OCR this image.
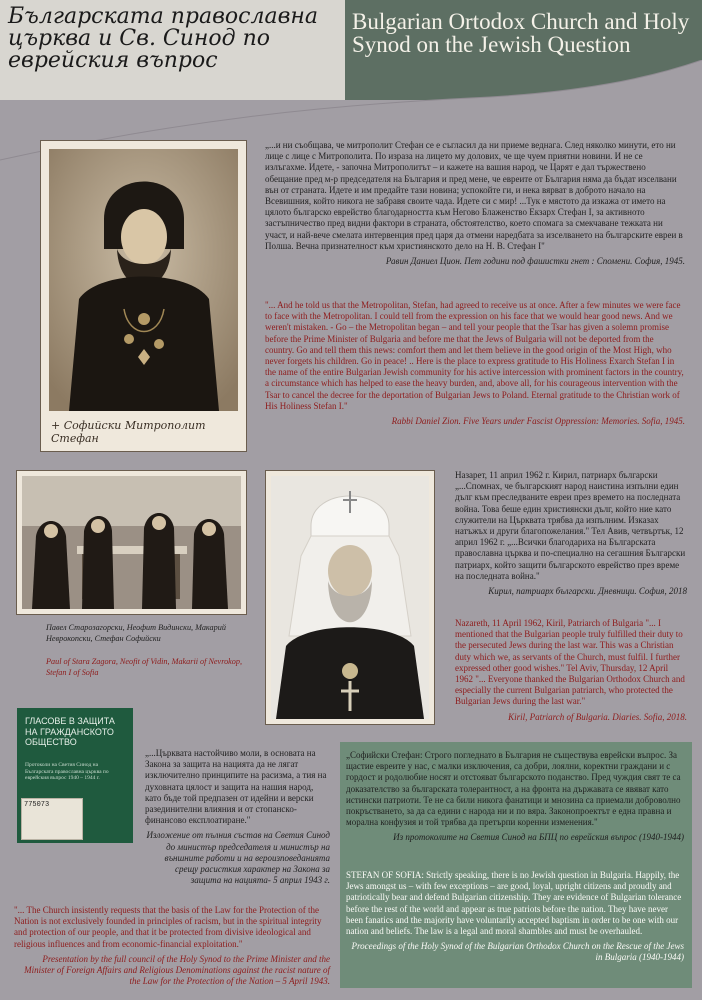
Българската православна църква и Св. Синод по еврейския въпрос
Bulgarian Ortodox Church and Holy Synod on the Jewish Question
+ Софийски Митрополит Стефан

„...и ни съобщава, че митрополит Стефан се е съгласил да ни приеме веднага. След няколко минути, ето ни лице с лице с Митрополита. По израза на лицето му долових, че ще чуем приятни новини. И не се излъгахме. Идете, - започна Митрополитът – и кажете на вашия народ, че Царят е дал тържествено обещание пред м-р председателя на България и пред мене, че евреите от България няма да бъдат изселвани вън от страната. Идете и им предайте тази новина; успокойте ги, и нека вярват в доброто начало на Всевишния, който никога не забравя своите чада. Идете си с мир! ...Тук е мястото да изкажа от името на цялото българско еврейство благодарността към Негово Блаженство Екзарх Стефан I, за активното застъпничество пред видни фактори в страната, обстоятелство, което спомага за смекчаване тежката ни участ, и най-вече смелата интервенция пред царя да отмени наредбата за изселването на българските евреи в Полша. Вечна признателност към християнското дело на Н. В. Стефан I"

Равин Даниел Цион. Пет години под фашистки гнет : Спомени. София, 1945.

"... And he told us that the Metropolitan, Stefan, had agreed to receive us at once. After a few minutes we were face to face with the Metropolitan. I could tell from the expression on his face that we would hear good news. And we weren't mistaken. - Go – the Metropolitan began – and tell your people that the Tsar has given a solemn promise before the Prime Minister of Bulgaria and before me that the Jews of Bulgaria will not be deported from the country. Go and tell them this news: comfort them and let them believe in the good origin of the Most High, who never forgets his children. Go in peace! .. Here is the place to express gratitude to His Holiness Exarch Stefan I in the name of the entire Bulgarian Jewish community for his active intercession with prominent factors in the country, a circumstance which has helped to ease the heavy burden, and, above all, for his courageous intervention with the Tsar to cancel the decree for the deportation of Bulgarian Jews to Poland. Eternal gratitude to the Christian work of His Holiness Stefan I."

Rabbi Daniel Zion. Five Years under Fascist Oppression: Memories. Sofia, 1945.

Павел Старозагорски, Неофит Видински, Макарий Неврокопски, Стефан Софийски
Paul of Stara Zagora, Neofit of Vidin, Makarii of Nevrokop, Stefan I of Sofia

Назарет, 11 април 1962 г. Кирил, патриарх български „...Спомнах, че българският народ наистина изпълни един дълг към преследваните евреи през времето на последната война. Това беше един християнски дълг, който ние като служители на Църквата трябва да изпълним. Изказах натъжъх и други благопожелания." Тел Авив, четвъртък, 12 април 1962 г. „...Всички благодариха на Българската православна църква и по-специално на сегашния Български патриарх, който защити българското еврейство през време на последната война."

Кирил, патриарх български. Дневници. София, 2018

Nazareth, 11 April 1962, Kiril, Patriarch of Bulgaria "... I mentioned that the Bulgarian people truly fulfilled their duty to the persecuted Jews during the last war. This was a Christian duty which we, as servants of the Church, must fulfil. I further expressed other good wishes." Tel Aviv, Thursday, 12 April 1962 "... Everyone thanked the Bulgarian Orthodox Church and especially the current Bulgarian patriarch, who protected the Bulgarian Jews during the last war."

Kiril, Patriarch of Bulgaria. Diaries. Sofia, 2018.

ГЛАСОВЕ В ЗАЩИТА НА ГРАЖДАНСКОТО ОБЩЕСТВО
Протоколи на Светия Синод на Българската православна църква по еврейския въпрос 1940 – 1944 г.
775073

„...Църквата настойчиво моли, в основата на Закона за защита на нацията да не лягат изключително принципите на расизма, а тия на духовната цялост и защита на нашия народ, като бъде той предпазен от идейни и верски разединителни влияния и от стопанско-финансово експлоатиране."

Изложение от пълния състав на Светия Синод до министър председателя и министър на външните работи и на вероизповеданията срещу расисткия характер на Закона за защита на нацията- 5 април 1943 г.

"... The Church insistently requests that the basis of the Law for the Protection of the Nation is not exclusively founded in principles of racism, but in the spiritual integrity and protection of our people, and that it be protected from divisive ideological and religious influences and from economic-financial exploitation."

Presentation by the full council of the Holy Synod to the Prime Minister and the Minister of Foreign Affairs and Religious Denominations against the racist nature of the Law for the Protection of the Nation – 5 April 1943.

„Софийски Стефан: Строго погледнато в България не съществува еврейски въпрос. За щастие евреите у нас, с малки изключения, са добри, лоялни, коректни граждани и с гордост и родолюбие носят и отстояват българското поданство. Пред чуждия свят те са доказателство за българската толерантност, а на фронта на държавата се явяват като истински патриоти. Те не са били никога фанатици и мнозина са приемали доброволно покръстването, за да са едини с народа ни и по вяра. Законопроектът е една правна и морална конфузия и той трябва да претърпи коренни изменения."

Из протоколите на Светия Синод на БПЦ по еврейския въпрос (1940-1944)

STEFAN OF SOFIA: Strictly speaking, there is no Jewish question in Bulgaria. Happily, the Jews amongst us – with few exceptions – are good, loyal, upright citizens and proudly and patriotically bear and defend Bulgarian citizenship. They are evidence of Bulgarian tolerance before the rest of the world and appear as true patriots before the nation. They have never been fanatics and the majority have voluntarily accepted baptism in order to be one with our nation and beliefs. The law is a legal and moral shambles and must be overhauled.

Proceedings of the Holy Synod of the Bulgarian Orthodox Church on the Rescue of the Jews in Bulgaria (1940-1944)
